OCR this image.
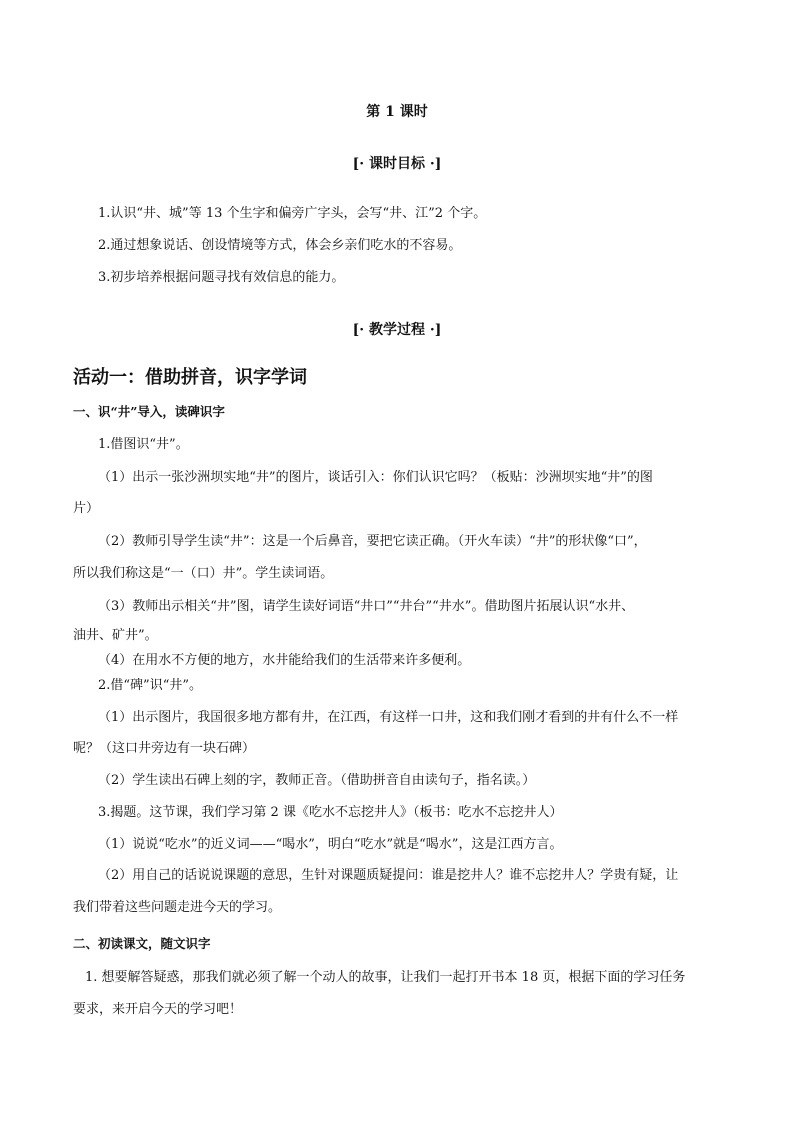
第 1 课时
[· 课时目标 ·]
1.认识“井、城”等 13 个生字和偏旁广字头，会写“井、江”2 个字。
2.通过想象说话、创设情境等方式，体会乡亲们吃水的不容易。
3.初步培养根据问题寻找有效信息的能力。
[· 教学过程 ·]
活动一：借助拼音，识字学词
一、识“井”导入，读碑识字
1.借图识“井”。
（1）出示一张沙洲坝实地“井”的图片，谈话引入：你们认识它吗？（板贴：沙洲坝实地“井”的图
片）
（2）教师引导学生读“井”：这是一个后鼻音，要把它读正确。（开火车读）“井”的形状像“口”，
所以我们称这是“一（口）井”。学生读词语。
（3）教师出示相关“井”图，请学生读好词语“井口”“井台”“井水”。借助图片拓展认识“水井、
油井、矿井”。
（4）在用水不方便的地方，水井能给我们的生活带来许多便利。
2.借“碑”识“井”。
（1）出示图片，我国很多地方都有井，在江西，有这样一口井，这和我们刚才看到的井有什么不一样
呢？（这口井旁边有一块石碑）
（2）学生读出石碑上刻的字，教师正音。（借助拼音自由读句子，指名读。）
3.揭题。这节课，我们学习第 2 课《吃水不忘挖井人》（板书：吃水不忘挖井人）
（1）说说“吃水”的近义词——“喝水”，明白“吃水”就是“喝水”，这是江西方言。
（2）用自己的话说说课题的意思，生针对课题质疑提问：谁是挖井人？谁不忘挖井人？学贵有疑，让
我们带着这些问题走进今天的学习。
二、初读课文，随文识字
1. 想要解答疑惑，那我们就必须了解一个动人的故事，让我们一起打开书本 18 页，根据下面的学习任务
要求，来开启今天的学习吧！
